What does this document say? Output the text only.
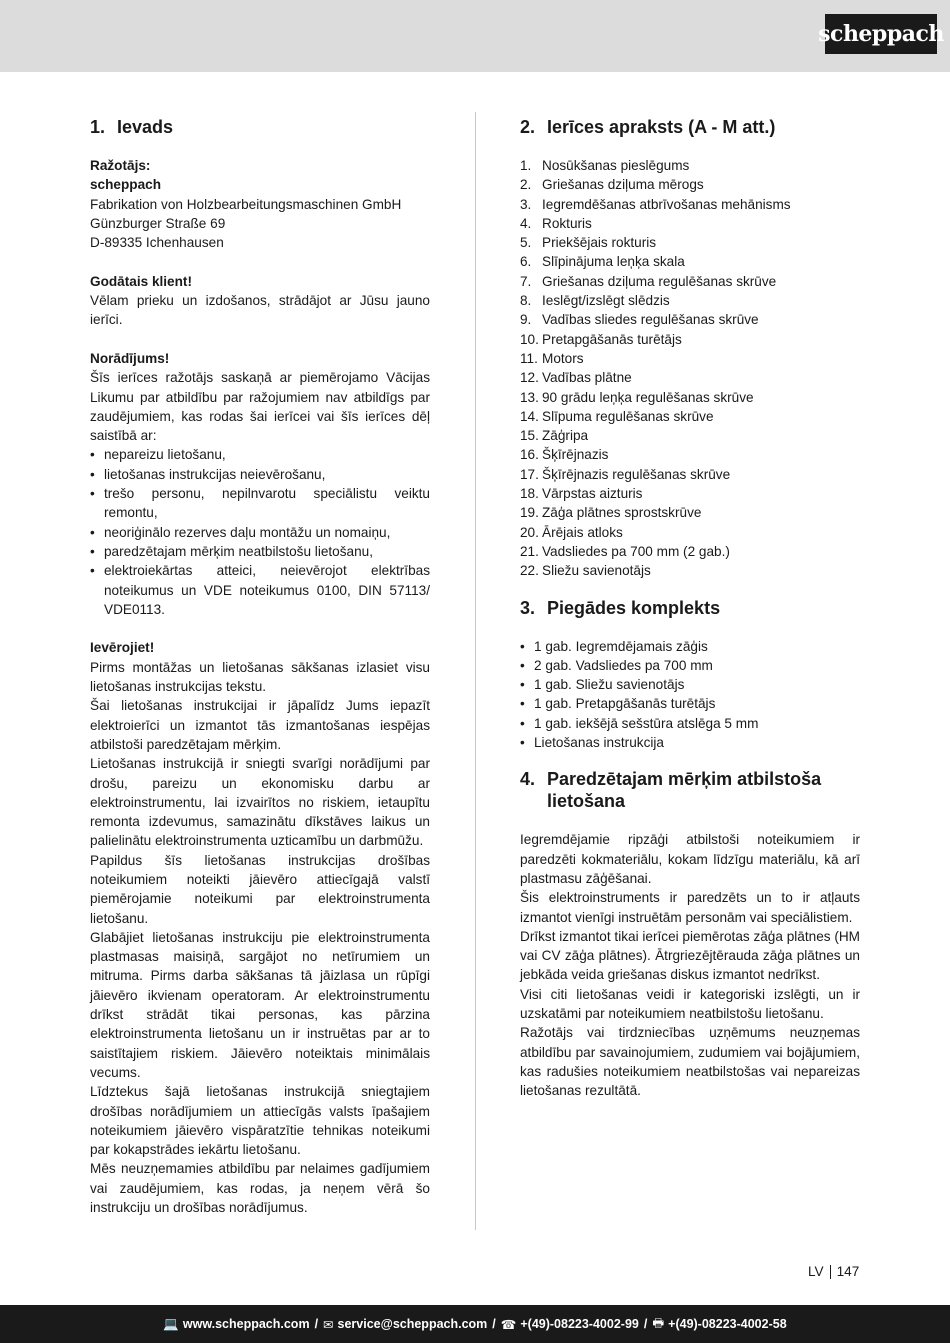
scheppach
1. Ievads

Ražotājs:

scheppach

Fabrikation von Holzbearbeitungsmaschinen GmbH

Günzburger Straße 69

D-89335 Ichenhausen

Godātais klient!

Vēlam prieku un izdošanos, strādājot ar Jūsu jauno ierīci.

Norādījums!

Šīs ierīces ražotājs saskaņā ar piemērojamo Vācijas Likumu par atbildību par ražojumiem nav atbildīgs par zaudējumiem, kas rodas šai ierīcei vai šīs ierīces dēļ saistībā ar:

• nepareizu lietošanu,
• lietošanas instrukcijas neievērošanu,
• trešo personu, nepilnvarotu speciālistu veiktu remontu,
• neoriģinālo rezerves daļu montāžu un nomaiņu,
• paredzētajam mērķim neatbilstošu lietošanu,
• elektroiekārtas atteici, neievērojot elektrības noteikumus un VDE noteikumus 0100, DIN 57113/ VDE0113.

Ievērojiet!

Pirms montāžas un lietošanas sākšanas izlasiet visu lietošanas instrukcijas tekstu.

Šai lietošanas instrukcijai ir jāpalīdz Jums iepazīt elektroierīci un izmantot tās izmantošanas iespējas atbilstoši paredzētajam mērķim.

Lietošanas instrukcijā ir sniegti svarīgi norādījumi par drošu, pareizu un ekonomisku darbu ar elektroinstrumentu, lai izvairītos no riskiem, ietaupītu remonta izdevumus, samazinātu dīkstāves laikus un palielinātu elektroinstrumenta uzticamību un darbmūžu.

Papildus šīs lietošanas instrukcijas drošības noteikumiem noteikti jāievēro attiecīgajā valstī piemērojamie noteikumi par elektroinstrumenta lietošanu.

Glabājiet lietošanas instrukciju pie elektroinstrumenta plastmasas maisiņā, sargājot no netīrumiem un mitruma. Pirms darba sākšanas tā jāizlasa un rūpīgi jāievēro ikvienam operatoram. Ar elektroinstrumentu drīkst strādāt tikai personas, kas pārzina elektroinstrumenta lietošanu un ir instruētas par ar to saistītajiem riskiem. Jāievēro noteiktais minimālais vecums.

Līdztekus šajā lietošanas instrukcijā sniegtajiem drošības norādījumiem un attiecīgās valsts īpašajiem noteikumiem jāievēro vispāratzītie tehnikas noteikumi par kokapstrādes iekārtu lietošanu.

Mēs neuzņemamies atbildību par nelaimes gadījumiem vai zaudējumiem, kas rodas, ja neņem vērā šo instrukciju un drošības norādījumus.

2. Ierīces apraksts (A - M att.)
1. Nosūkšanas pieslēgums
2. Griešanas dziļuma mērogs
3. Iegremdēšanas atbrīvošanas mehānisms
4. Rokturis
5. Priekšējais rokturis
6. Slīpinājuma leņķa skala
7. Griešanas dziļuma regulēšanas skrūve
8. Ieslēgt/izslēgt slēdzis
9. Vadības sliedes regulēšanas skrūve
10. Pretapgāšanās turētājs
11. Motors
12. Vadības plātne
13. 90 grādu leņķa regulēšanas skrūve
14. Slīpuma regulēšanas skrūve
15. Zāģripa
16. Šķīrējnazis
17. Šķīrējnazis regulēšanas skrūve
18. Vārpstas aizturis
19. Zāģa plātnes sprostskrūve
20. Ārējais atloks
21. Vadsliedes pa 700 mm (2 gab.)
22. Sliežu savienotājs
3. Piegādes komplekts
• 1 gab. Iegremdējamais zāģis
• 2 gab. Vadsliedes pa 700 mm
• 1 gab. Sliežu savienotājs
• 1 gab. Pretapgāšanās turētājs
• 1 gab. iekšējā sešstūra atslēga 5 mm
• Lietošanas instrukcija
4. Paredzētajam mērķim atbilstoša
lietošana

Iegremdējamie ripzāģi atbilstoši noteikumiem ir paredzēti kokmateriālu, kokam līdzīgu materiālu, kā arī plastmasu zāģēšanai.

Šis elektroinstruments ir paredzēts un to ir atļauts izmantot vienīgi instruētām personām vai speciālistiem.

Drīkst izmantot tikai ierīcei piemērotas zāģa plātnes (HM vai CV zāģa plātnes). Ātrgriezējtērauda zāģa plātnes un jebkāda veida griešanas diskus izmantot nedrīkst.

Visi citi lietošanas veidi ir kategoriski izslēgti, un ir uzskatāmi par noteikumiem neatbilstošu lietošanu.

Ražotājs vai tirdzniecības uzņēmums neuzņemas atbildību par savainojumiem, zudumiem vai bojājumiem, kas radušies noteikumiem neatbilstošas vai nepareizas lietošanas rezultātā.

LV 147
💻 www.scheppach.com / ✉ service@scheppach.com / ☎ +(49)-08223-4002-99 / 🖶 +(49)-08223-4002-58
